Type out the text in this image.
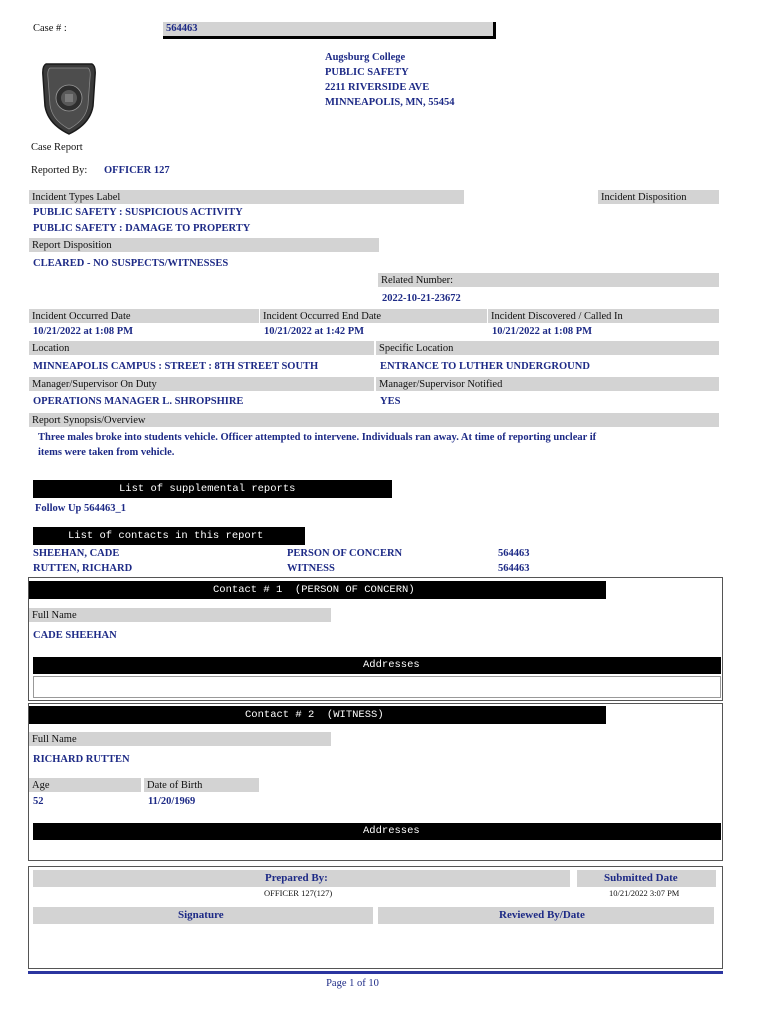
Case # :	564463
Augsburg College
PUBLIC SAFETY
2211 RIVERSIDE AVE
MINNEAPOLIS, MN, 55454
Case Report
Reported By: OFFICER 127
Incident Types Label	Incident Disposition
PUBLIC SAFETY : SUSPICIOUS ACTIVITY
PUBLIC SAFETY : DAMAGE TO PROPERTY
Report Disposition
CLEARED - NO SUSPECTS/WITNESSES
Related Number:
2022-10-21-23672
Incident Occurred Date	Incident Occurred End Date	Incident Discovered / Called In
10/21/2022 at 1:08 PM	10/21/2022 at 1:42 PM	10/21/2022 at 1:08 PM
Location	Specific Location
MINNEAPOLIS CAMPUS : STREET : 8TH STREET SOUTH	ENTRANCE TO LUTHER UNDERGROUND
Manager/Supervisor On Duty	Manager/Supervisor Notified
OPERATIONS MANAGER L. SHROPSHIRE	YES
Report Synopsis/Overview
Three males broke into students vehicle. Officer attempted to intervene. Individuals ran away. At time of reporting unclear if
items were taken from vehicle.
List of supplemental reports
Follow Up 564463_1
List of contacts in this report
SHEEHAN, CADE	PERSON OF CONCERN	564463
RUTTEN, RICHARD	WITNESS	564463
Contact # 1  (PERSON OF CONCERN)
Full Name
CADE SHEEHAN
Addresses
Contact # 2  (WITNESS)
Full Name
RICHARD RUTTEN
Age	Date of Birth
52	11/20/1969
Addresses
Prepared By:
OFFICER 127(127)
Submitted Date
10/21/2022 3:07 PM
Signature	Reviewed By/Date
Page 1 of 10
